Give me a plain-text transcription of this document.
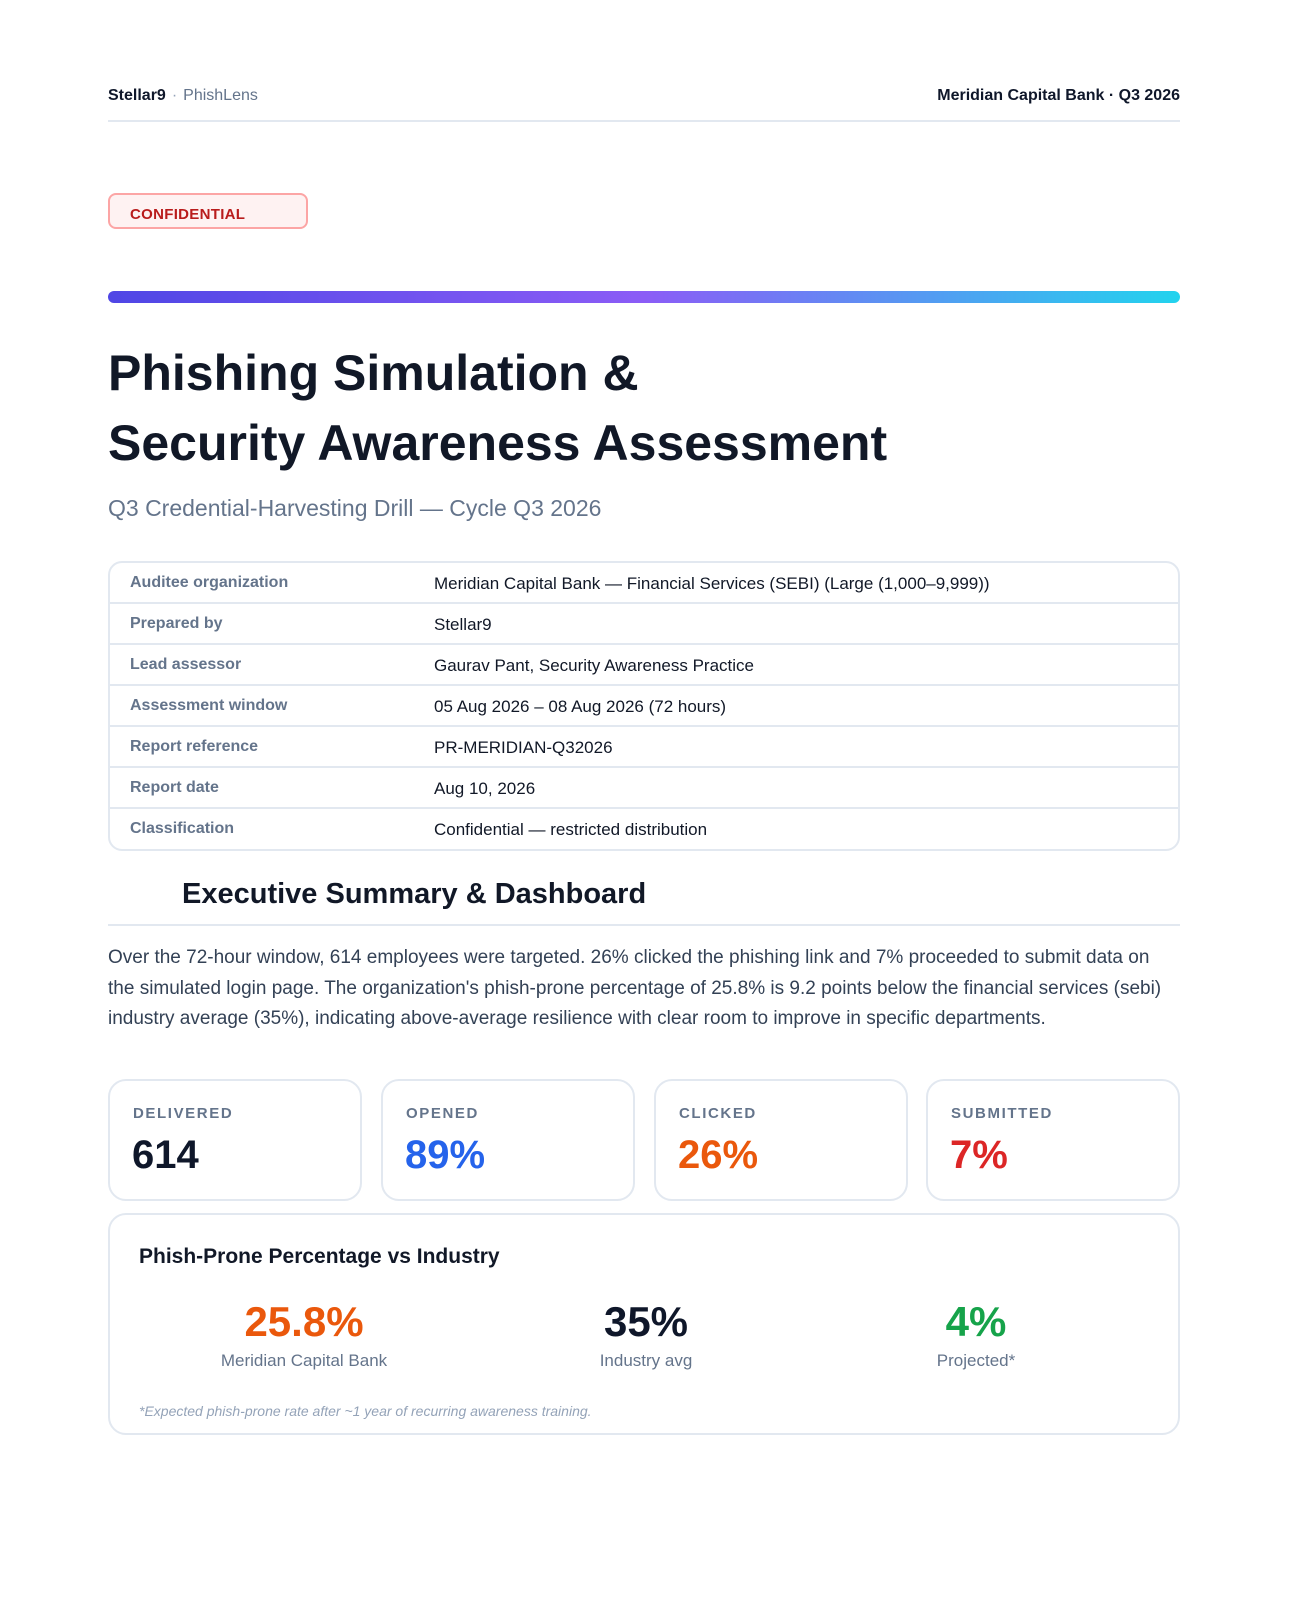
Stellar9 · PhishLens	Meridian Capital Bank · Q3 2026
CONFIDENTIAL
Phishing Simulation &
Security Awareness Assessment
Q3 Credential-Harvesting Drill — Cycle Q3 2026
Auditee organization	Meridian Capital Bank — Financial Services (SEBI) (Large (1,000–9,999))
Prepared by	Stellar9
Lead assessor	Gaurav Pant, Security Awareness Practice
Assessment window	05 Aug 2026 – 08 Aug 2026 (72 hours)
Report reference	PR-MERIDIAN-Q32026
Report date	Aug 10, 2026
Classification	Confidential — restricted distribution
Executive Summary & Dashboard

Over the 72-hour window, 614 employees were targeted. 26% clicked the phishing link and 7% proceeded to submit data on the simulated login page. The organization's phish-prone percentage of 25.8% is 9.2 points below the financial services (sebi) industry average (35%), indicating above-average resilience with clear room to improve in specific departments.

DELIVERED
614
OPENED
89%
CLICKED
26%
SUBMITTED
7%
Phish-Prone Percentage vs Industry
25.8%
Meridian Capital Bank
35%
Industry avg
4%
Projected*
*Expected phish-prone rate after ~1 year of recurring awareness training.
